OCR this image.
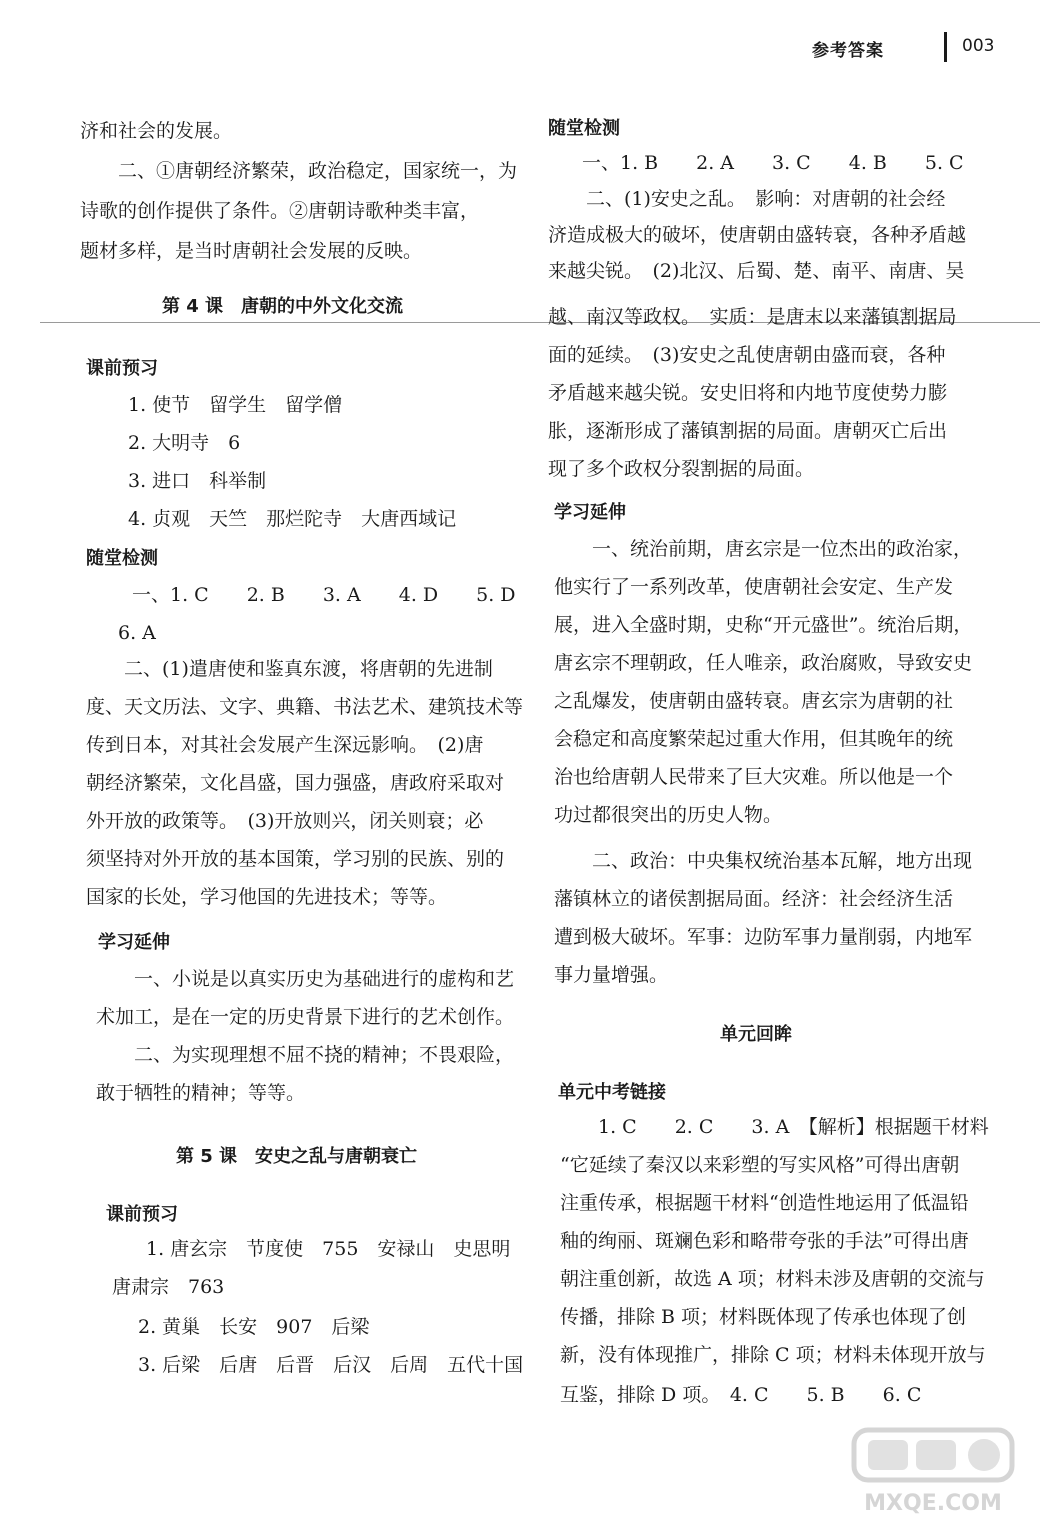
参考答案	003
济和社会的发展。
　　二、①唐朝经济繁荣，政治稳定，国家统一，为
诗歌的创作提供了条件。②唐朝诗歌种类丰富，
题材多样，是当时唐朝社会发展的反映。
第 4 课　唐朝的中外文化交流
课前预习
1. 使节　留学生　留学僧
2. 大明寺　6
3. 进口　科举制
4. 贞观　天竺　那烂陀寺　大唐西域记
随堂检测
一、1. C　　2. B　　3. A　　4. D　　5. D
6. A
　　二、(1)遣唐使和鉴真东渡，将唐朝的先进制
度、天文历法、文字、典籍、书法艺术、建筑技术等
传到日本，对其社会发展产生深远影响。　(2)唐
朝经济繁荣，文化昌盛，国力强盛，唐政府采取对
外开放的政策等。　(3)开放则兴，闭关则衰；必
须坚持对外开放的基本国策，学习别的民族、别的
国家的长处，学习他国的先进技术；等等。
学习延伸
　　一、小说是以真实历史为基础进行的虚构和艺
术加工，是在一定的历史背景下进行的艺术创作。
　　二、为实现理想不屈不挠的精神；不畏艰险，
敢于牺牲的精神；等等。
第 5 课　安史之乱与唐朝衰亡
课前预习
1. 唐玄宗　节度使　755　安禄山　史思明
唐肃宗　763
2. 黄巢　长安　907　后梁
3. 后梁　后唐　后晋　后汉　后周　五代十国
随堂检测
一、1. B　　2. A　　3. C　　4. B　　5. C
　　二、(1)安史之乱。　影响：对唐朝的社会经
济造成极大的破坏，使唐朝由盛转衰，各种矛盾越
来越尖锐。　(2)北汉、后蜀、楚、南平、南唐、吴
越、南汉等政权。　实质：是唐末以来藩镇割据局
面的延续。　(3)安史之乱使唐朝由盛而衰，各种
矛盾越来越尖锐。安史旧将和内地节度使势力膨
胀，逐渐形成了藩镇割据的局面。唐朝灭亡后出
现了多个政权分裂割据的局面。
学习延伸
　　一、统治前期，唐玄宗是一位杰出的政治家，
他实行了一系列改革，使唐朝社会安定、生产发
展，进入全盛时期，史称“开元盛世”。统治后期，
唐玄宗不理朝政，任人唯亲，政治腐败，导致安史
之乱爆发，使唐朝由盛转衰。唐玄宗为唐朝的社
会稳定和高度繁荣起过重大作用，但其晚年的统
治也给唐朝人民带来了巨大灾难。所以他是一个
功过都很突出的历史人物。
　　二、政治：中央集权统治基本瓦解，地方出现
藩镇林立的诸侯割据局面。经济：社会经济生活
遭到极大破坏。军事：边防军事力量削弱，内地军
事力量增强。
单元回眸
单元中考链接
　　1. C　　2. C　　3. A　【解析】根据题干材料
“它延续了秦汉以来彩塑的写实风格”可得出唐朝
注重传承，根据题干材料“创造性地运用了低温铅
釉的绚丽、斑斓色彩和略带夸张的手法”可得出唐
朝注重创新，故选 A 项；材料未涉及唐朝的交流与
传播，排除 B 项；材料既体现了传承也体现了创
新，没有体现推广，排除 C 项；材料未体现开放与
互鉴，排除 D 项。　4. C　　5. B　　6. C
MXQE.COM
